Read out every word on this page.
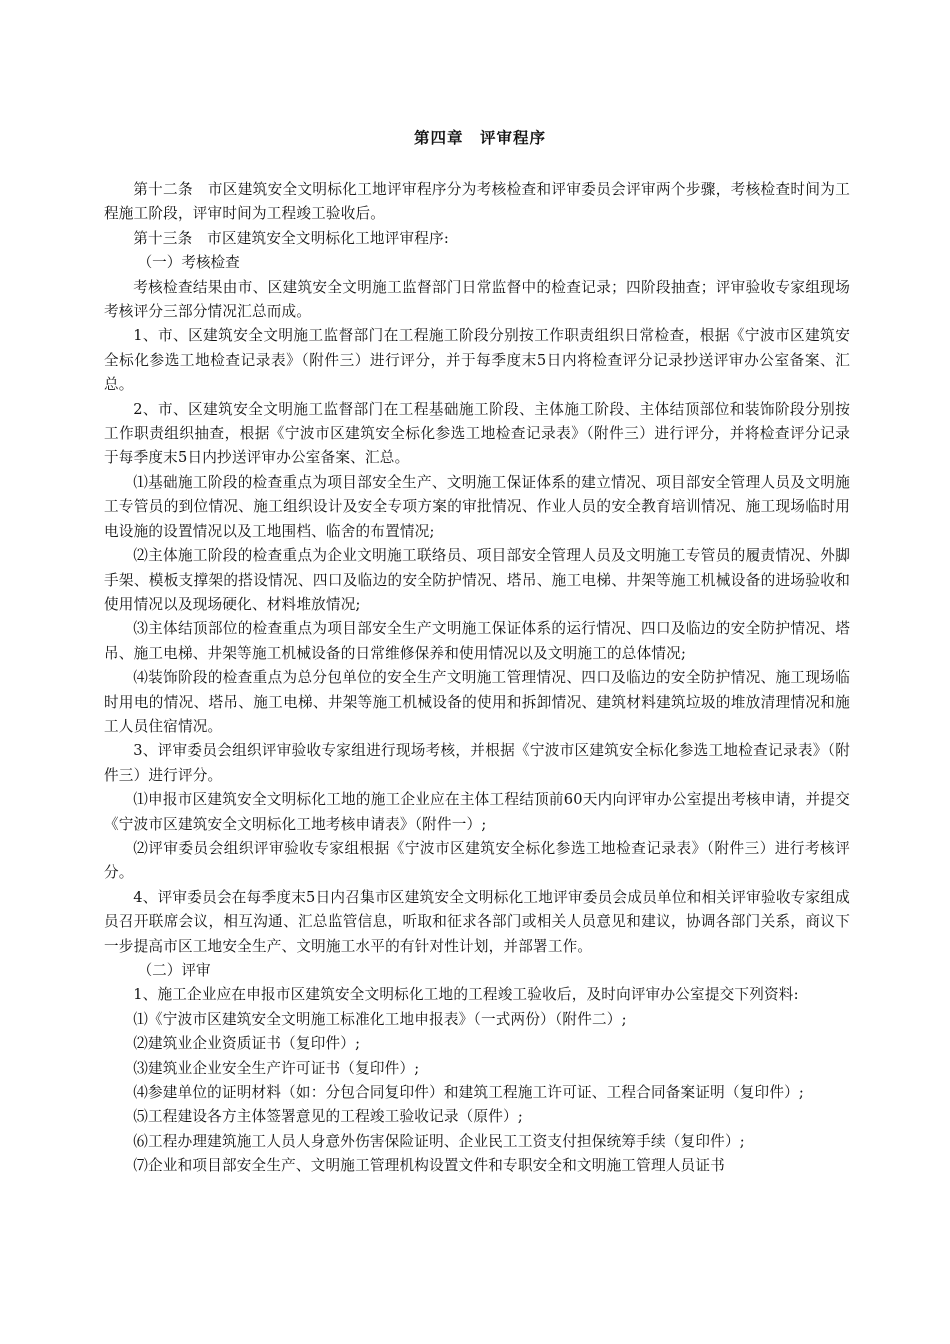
第四章　评审程序

第十二条　市区建筑安全文明标化工地评审程序分为考核检查和评审委员会评审两个步骤，考核检查时间为工程施工阶段，评审时间为工程竣工验收后。

第十三条　市区建筑安全文明标化工地评审程序:

（一）考核检查

考核检查结果由市、区建筑安全文明施工监督部门日常监督中的检查记录；四阶段抽查；评审验收专家组现场考核评分三部分情况汇总而成。

1、市、区建筑安全文明施工监督部门在工程施工阶段分别按工作职责组织日常检查，根据《宁波市区建筑安全标化参选工地检查记录表》（附件三）进行评分，并于每季度末5日内将检查评分记录抄送评审办公室备案、汇总。

2、市、区建筑安全文明施工监督部门在工程基础施工阶段、主体施工阶段、主体结顶部位和装饰阶段分别按工作职责组织抽查，根据《宁波市区建筑安全标化参选工地检查记录表》（附件三）进行评分，并将检查评分记录于每季度末5日内抄送评审办公室备案、汇总。

⑴基础施工阶段的检查重点为项目部安全生产、文明施工保证体系的建立情况、项目部安全管理人员及文明施工专管员的到位情况、施工组织设计及安全专项方案的审批情况、作业人员的安全教育培训情况、施工现场临时用电设施的设置情况以及工地围档、临舍的布置情况;

⑵主体施工阶段的检查重点为企业文明施工联络员、项目部安全管理人员及文明施工专管员的履责情况、外脚手架、模板支撑架的搭设情况、四口及临边的安全防护情况、塔吊、施工电梯、井架等施工机械设备的进场验收和使用情况以及现场硬化、材料堆放情况;

⑶主体结顶部位的检查重点为项目部安全生产文明施工保证体系的运行情况、四口及临边的安全防护情况、塔吊、施工电梯、井架等施工机械设备的日常维修保养和使用情况以及文明施工的总体情况;

⑷装饰阶段的检查重点为总分包单位的安全生产文明施工管理情况、四口及临边的安全防护情况、施工现场临时用电的情况、塔吊、施工电梯、井架等施工机械设备的使用和拆卸情况、建筑材料建筑垃圾的堆放清理情况和施工人员住宿情况。

3、评审委员会组织评审验收专家组进行现场考核，并根据《宁波市区建筑安全标化参选工地检查记录表》（附件三）进行评分。

⑴申报市区建筑安全文明标化工地的施工企业应在主体工程结顶前60天内向评审办公室提出考核申请，并提交《宁波市区建筑安全文明标化工地考核申请表》（附件一）;

⑵评审委员会组织评审验收专家组根据《宁波市区建筑安全标化参选工地检查记录表》（附件三）进行考核评分。

4、评审委员会在每季度末5日内召集市区建筑安全文明标化工地评审委员会成员单位和相关评审验收专家组成员召开联席会议，相互沟通、汇总监管信息，听取和征求各部门或相关人员意见和建议，协调各部门关系，商议下一步提高市区工地安全生产、文明施工水平的有针对性计划，并部署工作。

（二）评审

1、施工企业应在申报市区建筑安全文明标化工地的工程竣工验收后，及时向评审办公室提交下列资料:

⑴《宁波市区建筑安全文明施工标准化工地申报表》（一式两份）（附件二）;

⑵建筑业企业资质证书（复印件）;

⑶建筑业企业安全生产许可证书（复印件）;

⑷参建单位的证明材料（如：分包合同复印件）和建筑工程施工许可证、工程合同备案证明（复印件）;

⑸工程建设各方主体签署意见的工程竣工验收记录（原件）;

⑹工程办理建筑施工人员人身意外伤害保险证明、企业民工工资支付担保统筹手续（复印件）;

⑺企业和项目部安全生产、文明施工管理机构设置文件和专职安全和文明施工管理人员证书
